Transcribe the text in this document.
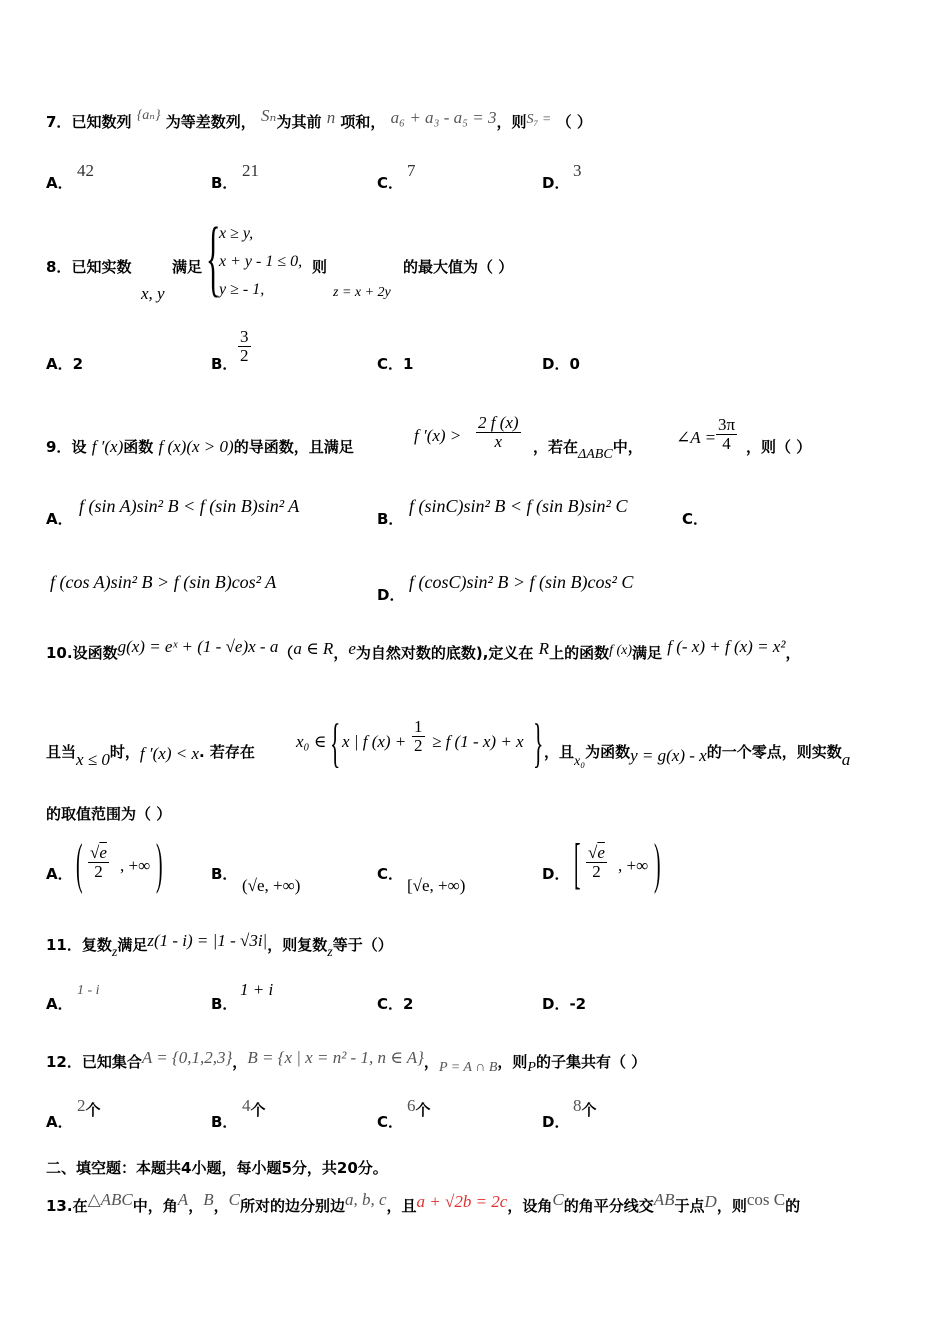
7．已知数列 {aₙ} 为等差数列， Sₙ为其前 n 项和， a₆ + a₃ - a₅ = 3，则S₇ = （ ）
A．
42
B．
21
C．
7
D．
3
8．已知实数	满足
x, y {
x ≥ y,
x + y - 1 ≤ 0,
y ≥ - 1,
则
z = x + 2y
的最大值为（ ）
A．2	B． $\frac{3}{2}$	C．1	D．0
9．设 f ′(x)函数 f (x)(x > 0)的导函数，且满足
f $'(x) > \frac{2 f (x)}{x}$ ，若在ΔABC中， ∠A = $\frac{3\pi}{4}$ ，则（ ）
A．
f (sin A)sin² B < f (sin B)sin² A
B．
f (sinC)sin² B < f (sin B)sin² C
C．
f (cos A)sin² B > f (sin B)cos² A
D．
f (cosC)sin² B > f (sin B)cos² C
10.设函数g(x) = eˣ + (1 - √e)x - a（a ∈ R，e为自然对数的底数),定义在 R上的函数f (x)满足 f (- x) + f (x) = x²，
且当x ≤ 0时，f ′(x) < x. 若存在
x₀ ∈ { x | f $(x) + \frac{1}{2} \ge f$ (1 - x) + x } ，且x₀为函数y = g(x) - x的一个零点，则实数a
的取值范围为（ ）
A． ( $\frac{√e}{2}$ , +∞ )	B．
(√e, +∞)
C．
[√e, +∞)
D． [ $\frac{√e}{2}$ , +∞ )
11．复数z满足z(1 - i) = |1 - √3i|，则复数z等于（）
A．
1 - i
B．
1 + i
C．2	D．-2
12．已知集合A = {0,1,2,3}，B = {x | x = n² - 1, n ∈ A}，P = A ∩ B，则P的子集共有（ ）
A．
2个
B．
4个
C．
6个
D．
8个
二、填空题：本题共4小题，每小题5分，共20分。
13.在△ABC中，角A，B，C所对的边分别边a, b, c，且a + √2b = 2c，设角C的角平分线交AB于点D，则cos C的
